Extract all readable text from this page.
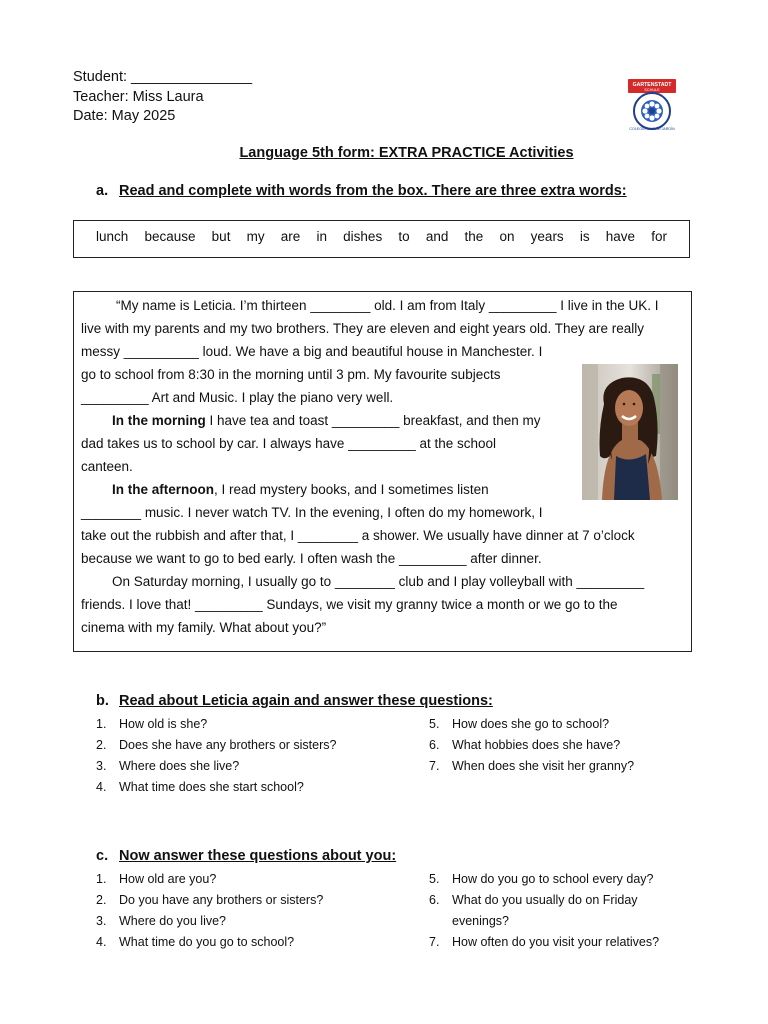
Student: _______________
Teacher: Miss Laura
Date: May 2025
GARTENSTADT
SCHULE
COLEGIO CIUDAD JARDÍN
Language 5th form: EXTRA PRACTICE Activities
a. Read and complete with words from the box. There are three extra words:
lunch because but my are in dishes to and the on years is have for
“My name is Leticia. I’m thirteen ________ old. I am from Italy _________ I live in the UK. I
live with my parents and my two brothers. They are eleven and eight years old. They are really
messy __________ loud. We have a big and beautiful house in Manchester. I
go to school from 8:30 in the morning until 3 pm. My favourite subjects
_________ Art and Music. I play the piano very well.
In the morning I have tea and toast _________ breakfast, and then my
dad takes us to school by car. I always have _________ at the school
canteen.
In the afternoon, I read mystery books, and I sometimes listen
________ music. I never watch TV. In the evening, I often do my homework, I
take out the rubbish and after that, I ________ a shower. We usually have dinner at 7 o’clock
because we want to go to bed early. I often wash the _________ after dinner.
On Saturday morning, I usually go to ________ club and I play volleyball with _________
friends. I love that! _________ Sundays, we visit my granny twice a month or we go to the
cinema with my family. What about you?”
b. Read about Leticia again and answer these questions:
1. How old is she?
2. Does she have any brothers or sisters?
3. Where does she live?
4. What time does she start school?
5. How does she go to school?
6. What hobbies does she have?
7. When does she visit her granny?
c. Now answer these questions about you:
1. How old are you?
2. Do you have any brothers or sisters?
3. Where do you live?
4. What time do you go to school?
5. How do you go to school every day?
6. What do you usually do on Friday
evenings?
7. How often do you visit your relatives?
